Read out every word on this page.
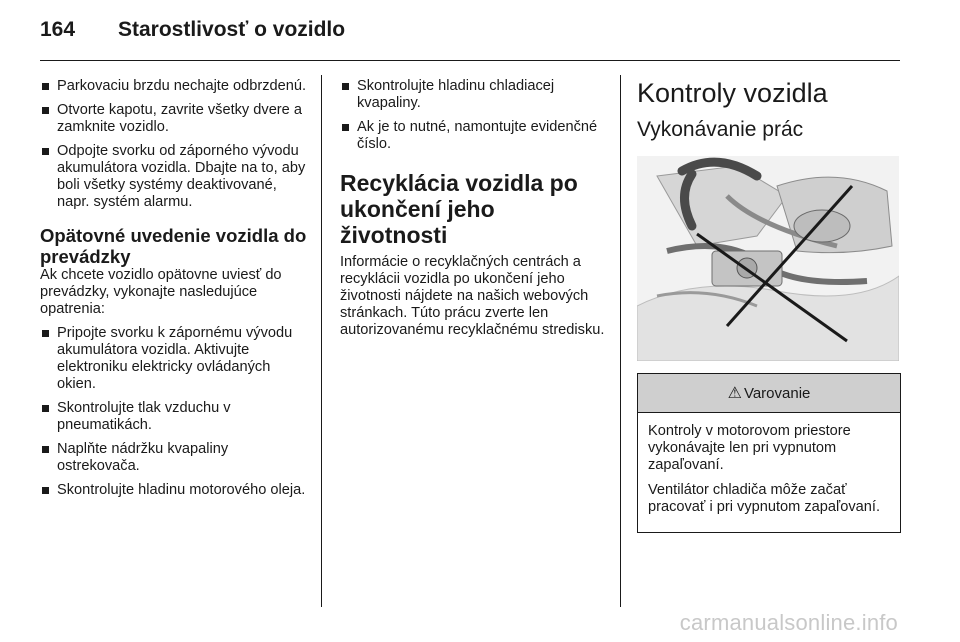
164	Starostlivosť o vozidlo
Parkovaciu brzdu nechajte odbrzdenú.
Otvorte kapotu, zavrite všetky dvere a zamknite vozidlo.
Odpojte svorku od záporného vývodu akumulátora vozidla. Dbajte na to, aby boli všetky systémy deaktivované, napr. systém alarmu.
Opätovné uvedenie vozidla do prevádzky

Ak chcete vozidlo opätovne uviesť do prevádzky, vykonajte nasledujúce opatrenia:

Pripojte svorku k zápornému vývodu akumulátora vozidla. Aktivujte elektroniku elektricky ovládaných okien.
Skontrolujte tlak vzduchu v pneumatikách.
Naplňte nádržku kvapaliny ostrekovača.
Skontrolujte hladinu motorového oleja.
Skontrolujte hladinu chladiacej kvapaliny.
Ak je to nutné, namontujte evidenčné číslo.
Recyklácia vozidla po ukončení jeho životnosti

Informácie o recyklačných centrách a recyklácii vozidla po ukončení jeho životnosti nájdete na našich webových stránkach. Túto prácu zverte len autorizovanému recyklačnému stredisku.

Kontroly vozidla
Vykonávanie prác
⚠ Varovanie

Kontroly v motorovom priestore vykonávajte len pri vypnutom zapaľovaní.

Ventilátor chladiča môže začať pracovať i pri vypnutom zapaľovaní.

carmanualsonline.info
